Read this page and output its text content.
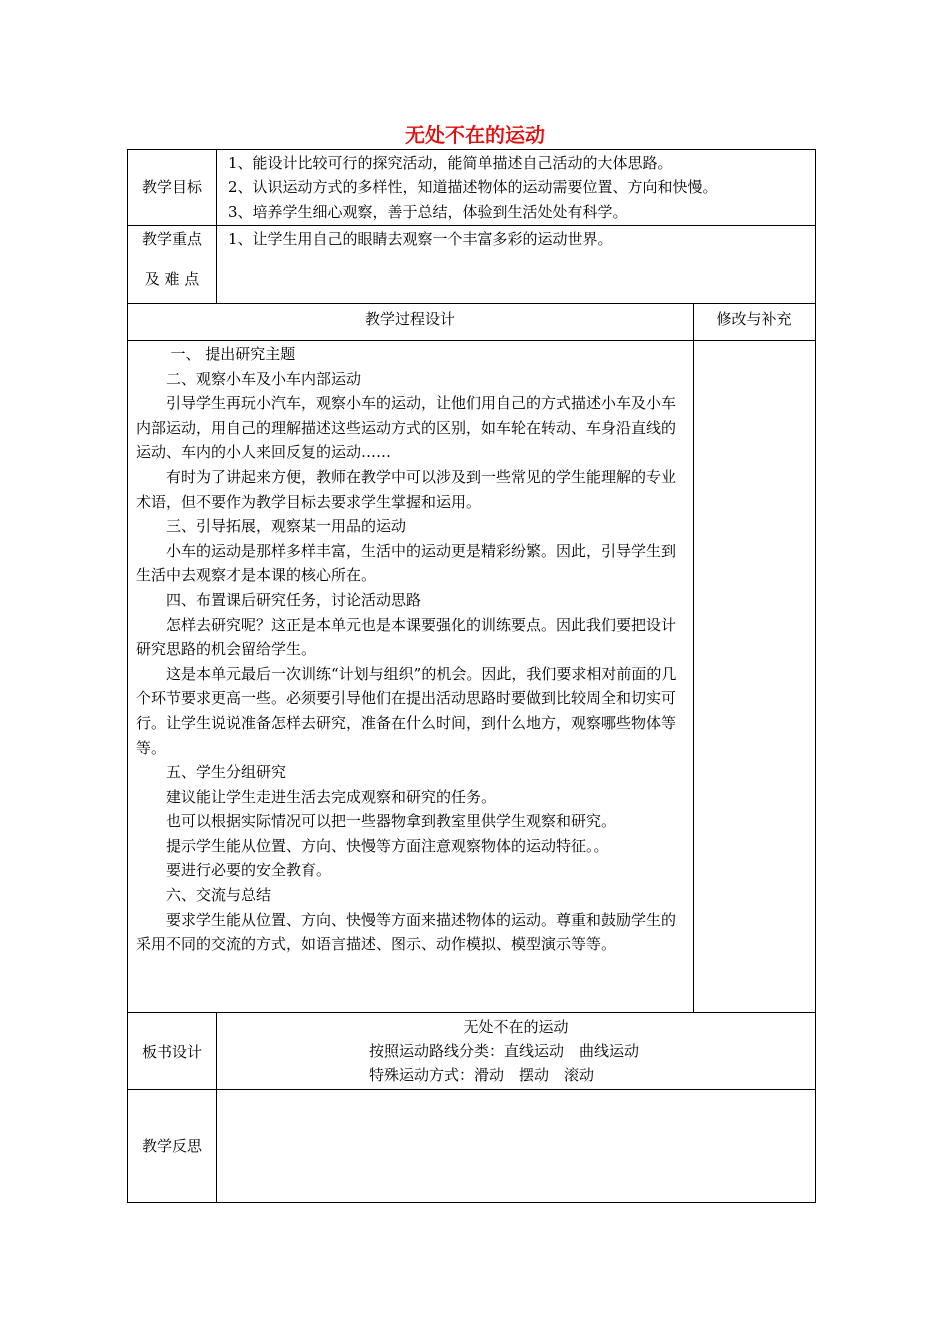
无处不在的运动
教学目标
1、能设计比较可行的探究活动，能简单描述自己活动的大体思路。
2、认识运动方式的多样性，知道描述物体的运动需要位置、方向和快慢。
3、培养学生细心观察，善于总结，体验到生活处处有科学。
教学重点
及 难 点
1、让学生用自己的眼睛去观察一个丰富多彩的运动世界。
教学过程设计	修改与补充

一、 提出研究主题

二、观察小车及小车内部运动

引导学生再玩小汽车，观察小车的运动，让他们用自己的方式描述小车及小车内部运动，用自己的理解描述这些运动方式的区别，如车轮在转动、车身沿直线的运动、车内的小人来回反复的运动……

有时为了讲起来方便，教师在教学中可以涉及到一些常见的学生能理解的专业术语，但不要作为教学目标去要求学生掌握和运用。

三、引导拓展，观察某一用品的运动

小车的运动是那样多样丰富，生活中的运动更是精彩纷繁。因此，引导学生到生活中去观察才是本课的核心所在。

四、布置课后研究任务，讨论活动思路

怎样去研究呢？这正是本单元也是本课要强化的训练要点。因此我们要把设计研究思路的机会留给学生。

这是本单元最后一次训练“计划与组织”的机会。因此，我们要求相对前面的几个环节要求更高一些。必须要引导他们在提出活动思路时要做到比较周全和切实可行。让学生说说准备怎样去研究，准备在什么时间，到什么地方，观察哪些物体等等。

五、学生分组研究

建议能让学生走进生活去完成观察和研究的任务。

也可以根据实际情况可以把一些器物拿到教室里供学生观察和研究。

提示学生能从位置、方向、快慢等方面注意观察物体的运动特征。。

要进行必要的安全教育。

六、交流与总结

要求学生能从位置、方向、快慢等方面来描述物体的运动。尊重和鼓励学生的采用不同的交流的方式，如语言描述、图示、动作模拟、模型演示等等。

板书设计
无处不在的运动
按照运动路线分类：直线运动　曲线运动
特殊运动方式：滑动　摆动　滚动
教学反思
